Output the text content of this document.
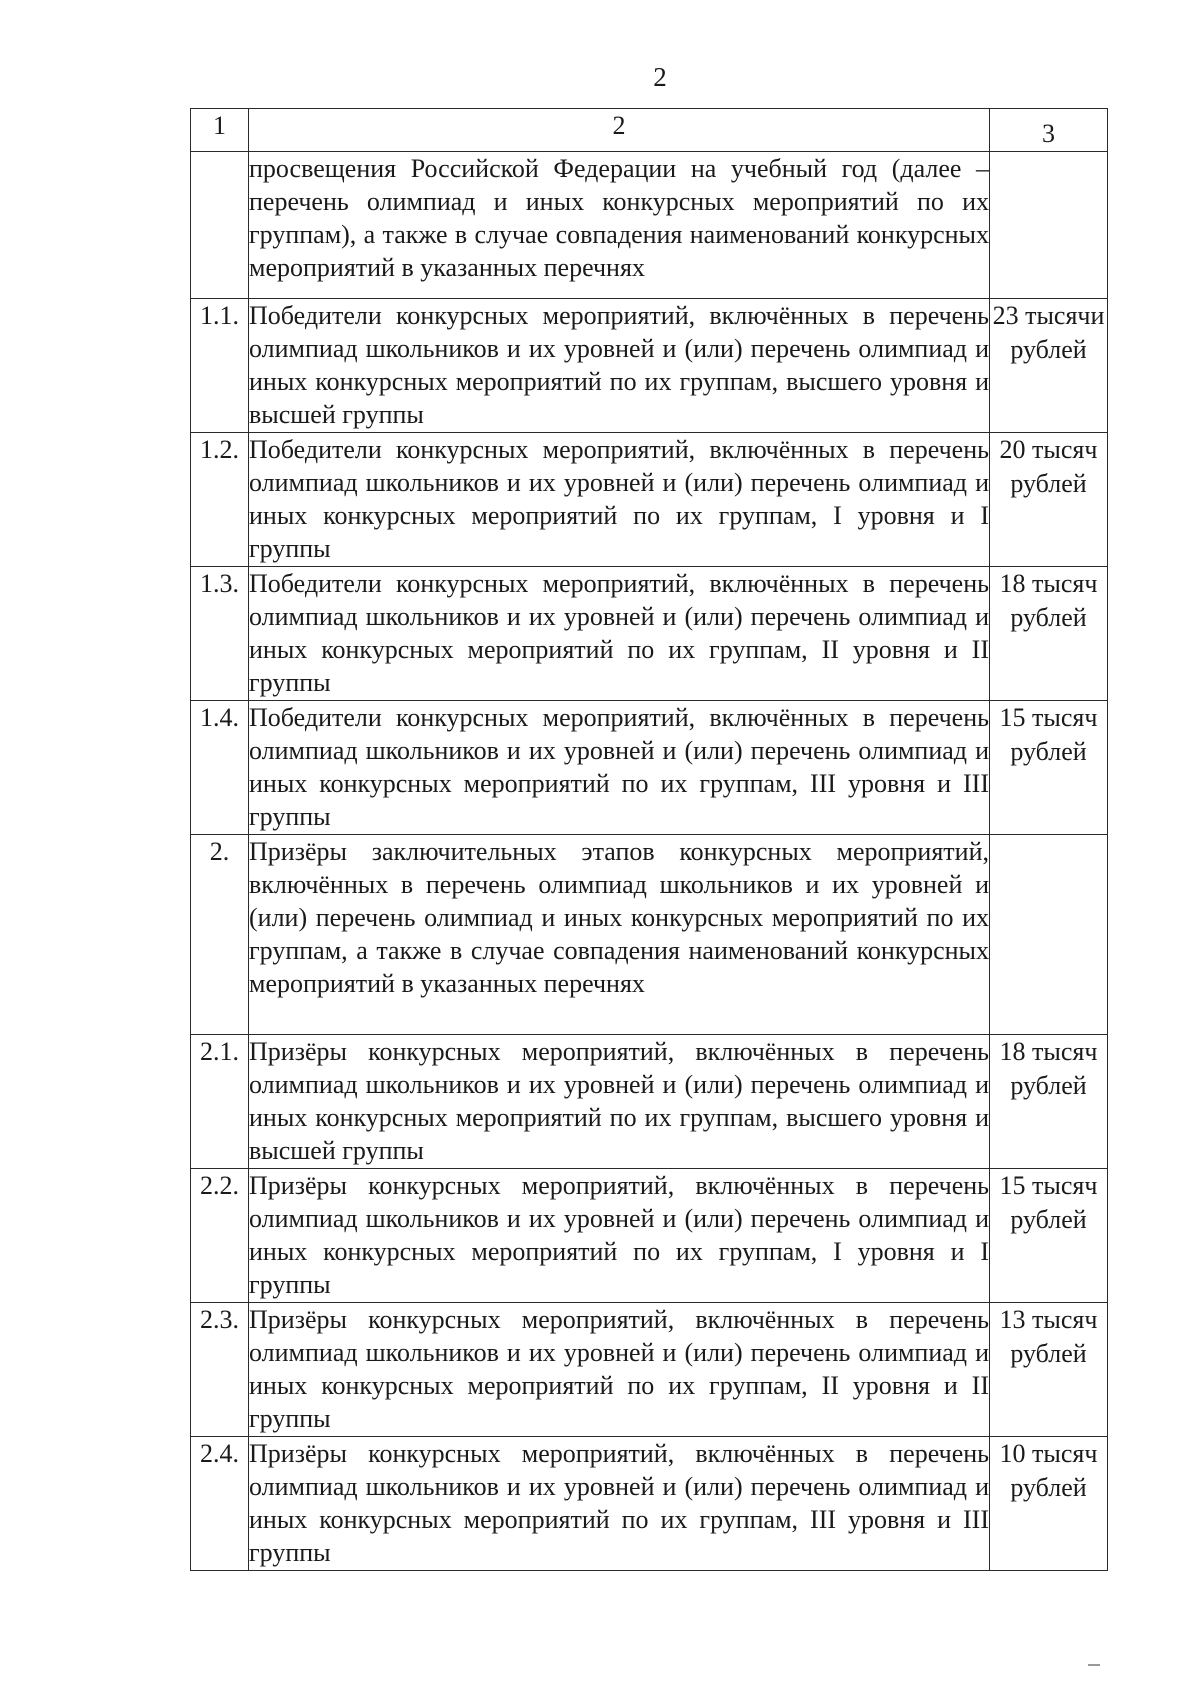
2
1	2	3
	просвещения Российской Федерации на учебный год (далее – перечень олимпиад и иных конкурсных мероприятий по их группам), а также в случае совпадения наименований конкурсных мероприятий в указанных перечнях	
1.1.	Победители конкурсных мероприятий, включённых в перечень олимпиад школьников и их уровней и (или) перечень олимпиад и иных конкурсных мероприятий по их группам, высшего уровня и высшей группы	23 тысячи рублей
1.2.	Победители конкурсных мероприятий, включённых в перечень олимпиад школьников и их уровней и (или) перечень олимпиад и иных конкурсных мероприятий по их группам, I уровня и I группы	20 тысяч рублей
1.3.	Победители конкурсных мероприятий, включённых в перечень олимпиад школьников и их уровней и (или) перечень олимпиад и иных конкурсных мероприятий по их группам, II уровня и II группы	18 тысяч рублей
1.4.	Победители конкурсных мероприятий, включённых в перечень олимпиад школьников и их уровней и (или) перечень олимпиад и иных конкурсных мероприятий по их группам, III уровня и III группы	15 тысяч рублей
2.	Призёры заключительных этапов конкурсных мероприятий, включённых в перечень олимпиад школьников и их уровней и (или) перечень олимпиад и иных конкурсных мероприятий по их группам, а также в случае совпадения наименований конкурсных мероприятий в указанных перечнях	
2.1.	Призёры конкурсных мероприятий, включённых в перечень олимпиад школьников и их уровней и (или) перечень олимпиад и иных конкурсных мероприятий по их группам, высшего уровня и высшей группы	18 тысяч рублей
2.2.	Призёры конкурсных мероприятий, включённых в перечень олимпиад школьников и их уровней и (или) перечень олимпиад и иных конкурсных мероприятий по их группам, I уровня и I группы	15 тысяч рублей
2.3.	Призёры конкурсных мероприятий, включённых в перечень олимпиад школьников и их уровней и (или) перечень олимпиад и иных конкурсных мероприятий по их группам, II уровня и II группы	13 тысяч рублей
2.4.	Призёры конкурсных мероприятий, включённых в перечень олимпиад школьников и их уровней и (или) перечень олимпиад и иных конкурсных мероприятий по их группам, III уровня и III группы	10 тысяч рублей
